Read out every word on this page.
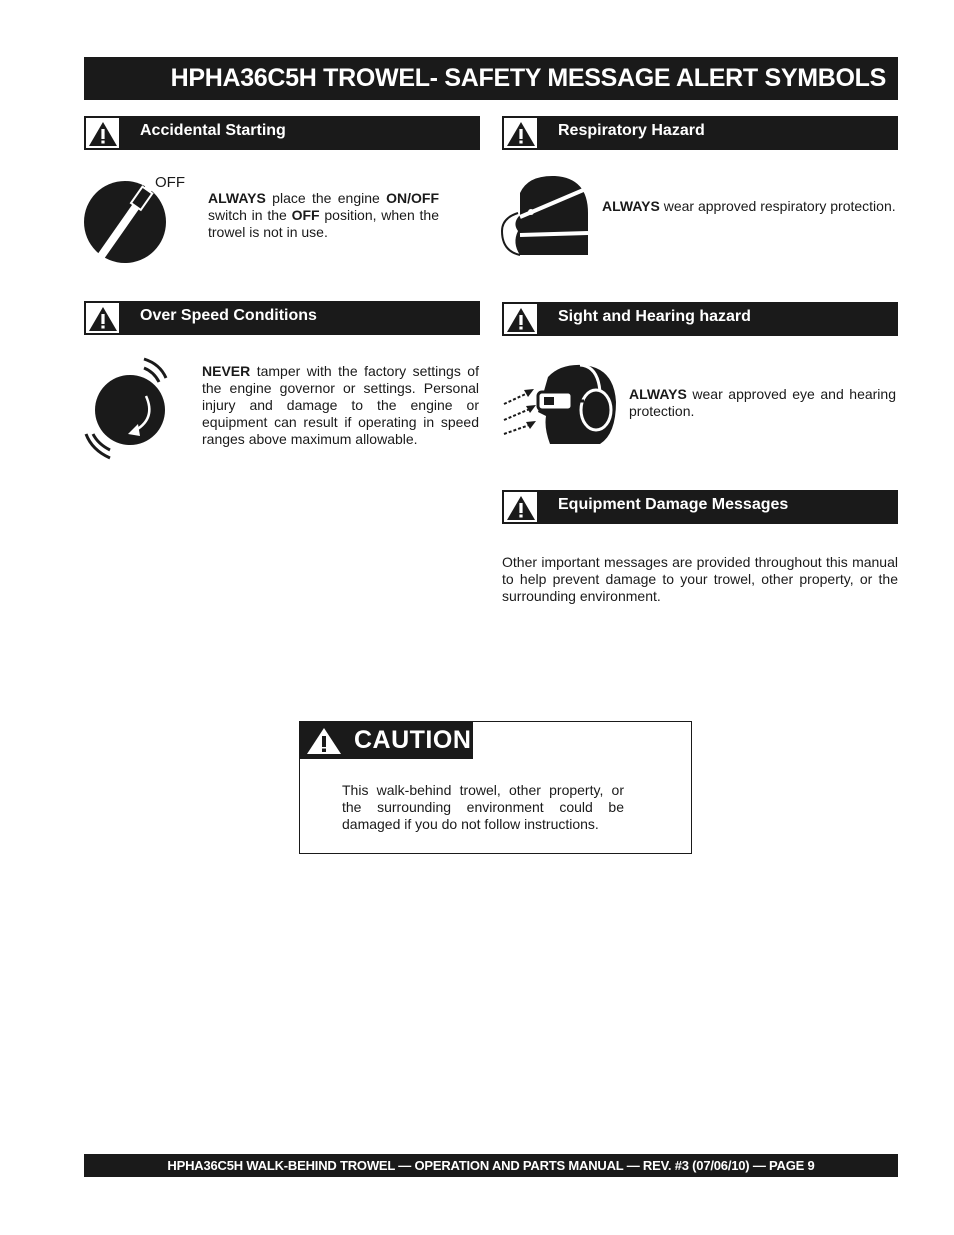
HPHA36C5H TROWEL- SAFETY MESSAGE ALERT SYMBOLS
Accidental Starting
OFF
ALWAYS place the engine ON/OFF switch in the OFF position, when the trowel is not in use.
Respiratory Hazard
ALWAYS wear approved respiratory protection.
Over Speed Conditions
NEVER tamper with the factory settings of the engine governor or settings. Personal injury and damage to the engine or equipment can result if operating in speed ranges above maximum allowable.
Sight and Hearing hazard
ALWAYS wear approved eye and hearing protection.
Equipment Damage Messages
Other important messages are provided throughout this manual to help prevent damage to your trowel, other property, or the surrounding environment.
CAUTION
This walk-behind trowel, other property, or the surrounding environment could be damaged if you do not follow instructions.
HPHA36C5H WALK-BEHIND TROWEL — OPERATION AND PARTS MANUAL — REV. #3 (07/06/10) — PAGE 9
